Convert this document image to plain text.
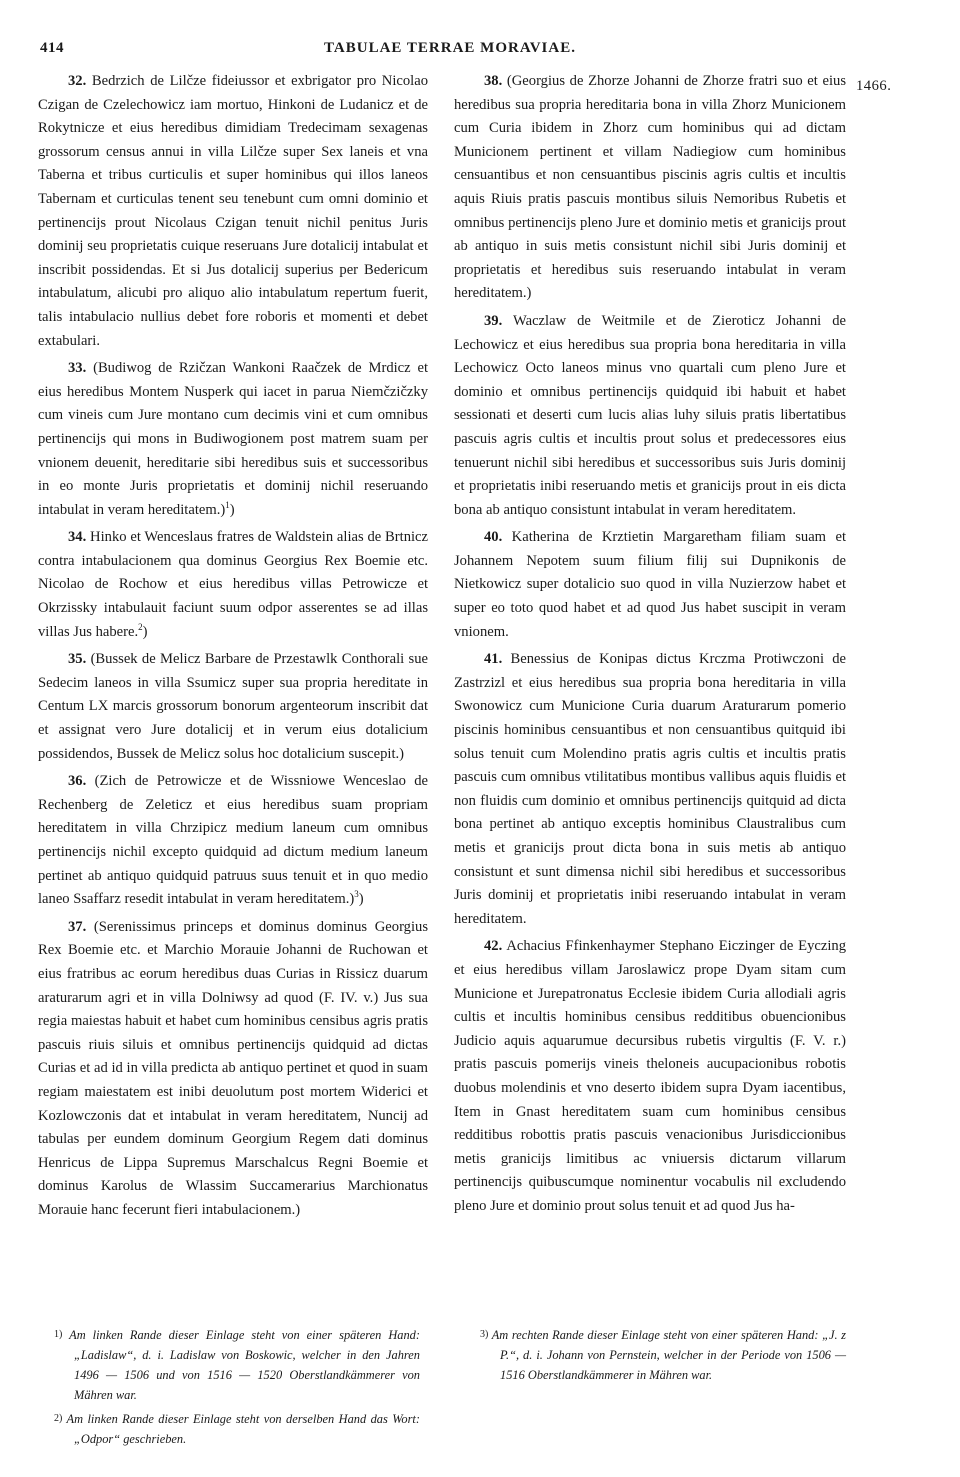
414	TABULAE TERRAE MORAVIAE.
1466.

32. Bedrzich de Lilčze fideiussor et exbrigator pro Nicolao Czigan de Czelechowicz iam mortuo, Hinkoni de Ludanicz et de Rokytnicze et eius heredibus dimidiam Tredecimam sexagenas grossorum census annui in villa Lilčze super Sex laneis et vna Taberna et tribus curticulis et super hominibus qui illos laneos Tabernam et curticulas tenent seu tenebunt cum omni dominio et pertinencijs prout Nicolaus Czigan tenuit nichil penitus Juris dominij seu proprietatis cuique reseruans Jure dotalicij intabulat et inscribit possidendas. Et si Jus dotalicij superius per Bedericum intabulatum, alicubi pro aliquo alio intabulatum repertum fuerit, talis intabulacio nullius debet fore roboris et momenti et debet extabulari.

33. (Budiwog de Rzičzan Wankoni Raačzek de Mrdicz et eius heredibus Montem Nusperk qui iacet in parua Niemčzičzky cum vineis cum Jure montano cum decimis vini et cum omnibus pertinencijs qui mons in Budiwogionem post matrem suam per vnionem deuenit, hereditarie sibi heredibus suis et successoribus in eo monte Juris proprietatis et dominij nichil reseruando intabulat in veram hereditatem.)$^1$)

34. Hinko et Wenceslaus fratres de Waldstein alias de Brtnicz contra intabulacionem qua dominus Georgius Rex Boemie etc. Nicolao de Rochow et eius heredibus villas Petrowicze et Okrzissky intabulauit faciunt suum odpor asserentes se ad illas villas Jus habere.$^2$)

35. (Bussek de Melicz Barbare de Przestawlk Conthorali sue Sedecim laneos in villa Ssumicz super sua propria hereditate in Centum LX marcis grossorum bonorum argenteorum inscribit dat et assignat vero Jure dotalicij et in verum eius dotalicium possidendos, Bussek de Melicz solus hoc dotalicium suscepit.)

36. (Zich de Petrowicze et de Wissniowe Wenceslao de Rechenberg de Zeleticz et eius heredibus suam propriam hereditatem in villa Chrzipicz medium laneum cum omnibus pertinencijs nichil excepto quidquid ad dictum medium laneum pertinet ab antiquo quidquid patruus suus tenuit et in quo medio laneo Ssaffarz resedit intabulat in veram hereditatem.)$^3$)

37. (Serenissimus princeps et dominus dominus Georgius Rex Boemie etc. et Marchio Morauie Johanni de Ruchowan et eius fratribus ac eorum heredibus duas Curias in Rissicz duarum araturarum agri et in villa Dolniwsy ad quod (F. IV. v.) Jus sua regia maiestas habuit et habet cum hominibus censibus agris pratis pascuis riuis siluis et omnibus pertinencijs quidquid ad dictas Curias et ad id in villa predicta ab antiquo pertinet et quod in suam regiam maiestatem est inibi deuolutum post mortem Widerici et Kozlowczonis dat et intabulat in veram hereditatem, Nuncij ad tabulas per eundem dominum Georgium Regem dati dominus Henricus de Lippa Supremus Marschalcus Regni Boemie et dominus Karolus de Wlassim Succamerarius Marchionatus Morauie hanc fecerunt fieri intabulacionem.)

38. (Georgius de Zhorze Johanni de Zhorze fratri suo et eius heredibus sua propria hereditaria bona in villa Zhorz Municionem cum Curia ibidem in Zhorz cum hominibus qui ad dictam Municionem pertinent et villam Nadiegiow cum hominibus censuantibus et non censuantibus piscinis agris cultis et incultis aquis Riuis pratis pascuis montibus siluis Nemoribus Rubetis et omnibus pertinencijs pleno Jure et dominio metis et granicijs prout ab antiquo in suis metis consistunt nichil sibi Juris dominij et proprietatis et heredibus suis reseruando intabulat in veram hereditatem.)

39. Waczlaw de Weitmile et de Zieroticz Johanni de Lechowicz et eius heredibus sua propria bona hereditaria in villa Lechowicz Octo laneos minus vno quartali cum pleno Jure et dominio et omnibus pertinencijs quidquid ibi habuit et habet sessionati et deserti cum lucis alias luhy siluis pratis libertatibus pascuis agris cultis et incultis prout solus et predecessores eius tenuerunt nichil sibi heredibus et successoribus suis Juris dominij et proprietatis inibi reseruando metis et granicijs prout in eis dicta bona ab antiquo consistunt intabulat in veram hereditatem.

40. Katherina de Krztietin Margaretham filiam suam et Johannem Nepotem suum filium filij sui Dupnikonis de Nietkowicz super dotalicio suo quod in villa Nuzierzow habet et super eo toto quod habet et ad quod Jus habet suscipit in veram vnionem.

41. Benessius de Konipas dictus Krczma Protiwczoni de Zastrzizl et eius heredibus sua propria bona hereditaria in villa Swonowicz cum Municione Curia duarum Araturarum pomerio piscinis hominibus censuantibus et non censuantibus quitquid ibi solus tenuit cum Molendino pratis agris cultis et incultis pratis pascuis cum omnibus vtilitatibus montibus vallibus aquis fluidis et non fluidis cum dominio et omnibus pertinencijs quitquid ad dicta bona pertinet ab antiquo exceptis hominibus Claustralibus cum metis et granicijs prout dicta bona in suis metis ab antiquo consistunt et sunt dimensa nichil sibi heredibus et successoribus Juris dominij et proprietatis inibi reseruando intabulat in veram hereditatem.

42. Achacius Ffinkenhaymer Stephano Eiczinger de Eyczing et eius heredibus villam Jaroslawicz prope Dyam sitam cum Municione et Jurepatronatus Ecclesie ibidem Curia allodiali agris cultis et incultis hominibus censibus redditibus obuencionibus Judicio aquis aquarumue decursibus rubetis virgultis (F. V. r.) pratis pascuis pomerijs vineis theloneis aucupacionibus robotis duobus molendinis et vno deserto ibidem supra Dyam iacentibus, Item in Gnast hereditatem suam cum hominibus censibus redditibus robottis pratis pascuis venacionibus Jurisdiccionibus metis granicijs limitibus ac vniuersis dictarum villarum pertinencijs quibuscumque nominentur vocabulis nil excludendo pleno Jure et dominio prout solus tenuit et ad quod Jus ha-

$^{1)}$ Am linken Rande dieser Einlage steht von einer späteren Hand: „Ladislaw“, d. i. Ladislaw von Boskowic, welcher in den Jahren 1496 — 1506 und von 1516 — 1520 Oberstlandkämmerer von Mähren war.

$^{2)}$ Am linken Rande dieser Einlage steht von derselben Hand das Wort: „Odpor“ geschrieben.

$^{3)}$ Am rechten Rande dieser Einlage steht von einer späteren Hand: „J. z P.“, d. i. Johann von Pernstein, welcher in der Periode von 1506 — 1516 Oberstlandkämmerer in Mähren war.
